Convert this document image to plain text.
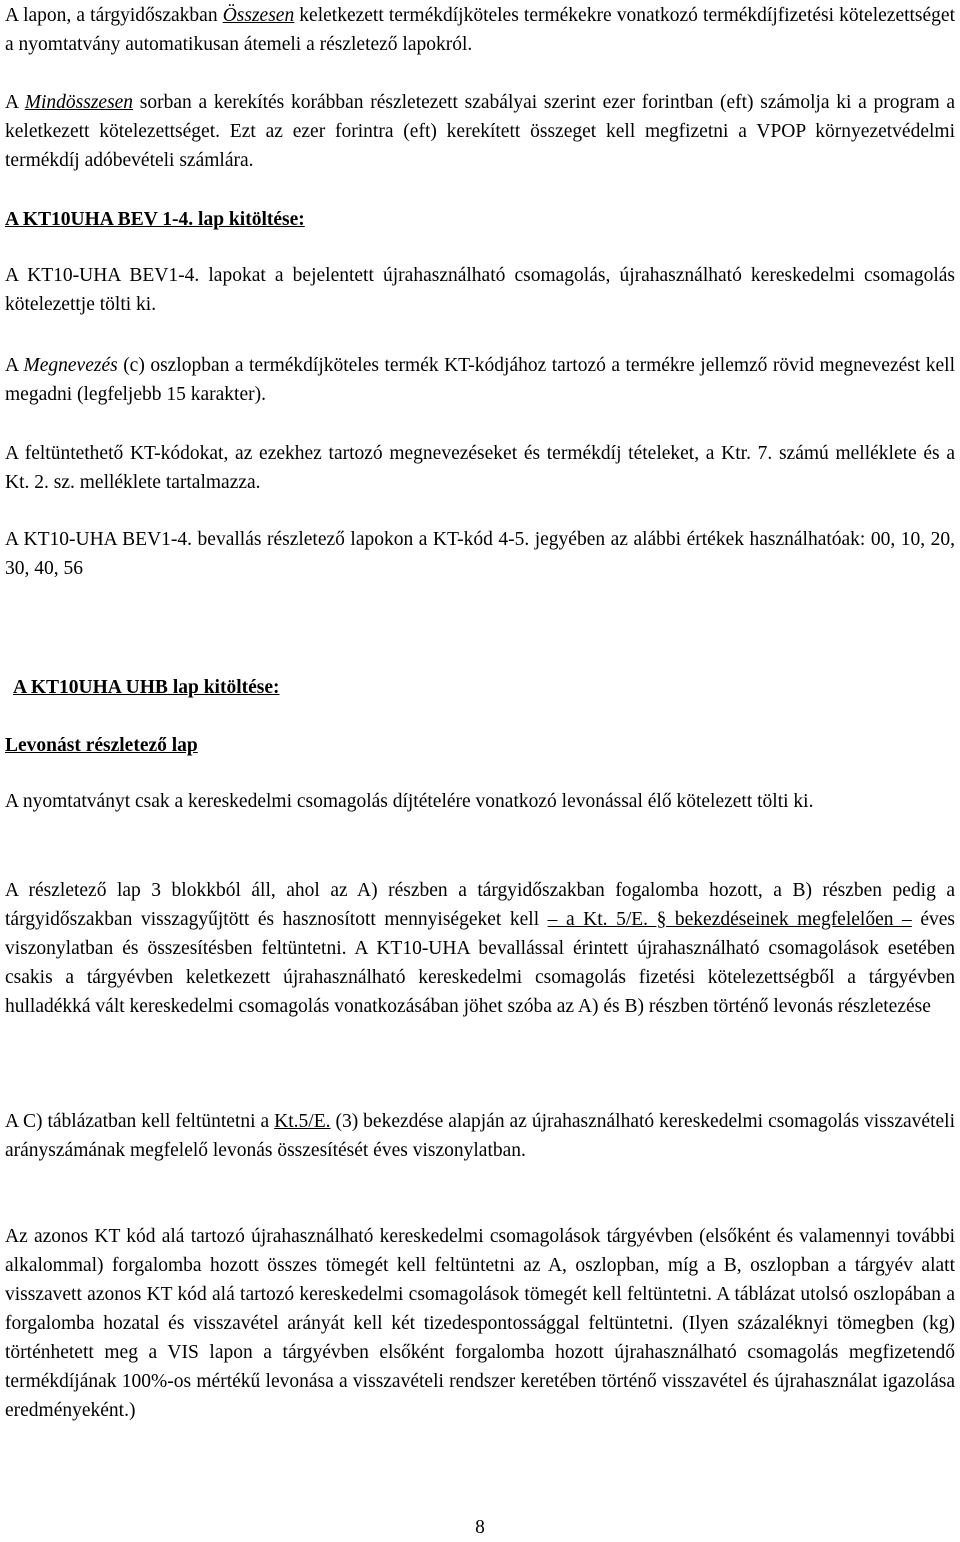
A lapon, a tárgyidőszakban Összesen keletkezett termékdíjköteles termékekre vonatkozó termékdíjfizetési kötelezettséget a nyomtatvány automatikusan átemeli a részletező lapokról.

A Mindösszesen sorban a kerekítés korábban részletezett szabályai szerint ezer forintban (eft) számolja ki a program a keletkezett kötelezettséget. Ezt az ezer forintra (eft) kerekített összeget kell megfizetni a VPOP környezetvédelmi termékdíj adóbevételi számlára.

A KT10UHA BEV 1-4. lap kitöltése:

A KT10-UHA BEV1-4. lapokat a bejelentett újrahasználható csomagolás, újrahasználható kereskedelmi csomagolás kötelezettje tölti ki.

A Megnevezés (c) oszlopban a termékdíjköteles termék KT-kódjához tartozó a termékre jellemző rövid megnevezést kell megadni (legfeljebb 15 karakter).

A feltüntethető KT-kódokat, az ezekhez tartozó megnevezéseket és termékdíj tételeket, a Ktr. 7. számú melléklete és a Kt. 2. sz. melléklete tartalmazza.

A KT10-UHA BEV1-4. bevallás részletező lapokon a KT-kód 4-5. jegyében az alábbi értékek használhatóak: 00, 10, 20, 30, 40, 56

A KT10UHA UHB lap kitöltése:
Levonást részletező lap

A nyomtatványt csak a kereskedelmi csomagolás díjtételére vonatkozó levonással élő kötelezett tölti ki.

A részletező lap 3 blokkból áll, ahol az A) részben a tárgyidőszakban fogalomba hozott, a B) részben pedig a tárgyidőszakban visszagyűjtött és hasznosított mennyiségeket kell – a Kt. 5/E. § bekezdéseinek megfelelően – éves viszonylatban és összesítésben feltüntetni. A KT10-UHA bevallással érintett újrahasználható csomagolások esetében csakis a tárgyévben keletkezett újrahasználható kereskedelmi csomagolás fizetési kötelezettségből a tárgyévben hulladékká vált kereskedelmi csomagolás vonatkozásában jöhet szóba az A) és B) részben történő levonás részletezése

A C) táblázatban kell feltüntetni a Kt.5/E. (3) bekezdése alapján az újrahasználható kereskedelmi csomagolás visszavételi arányszámának megfelelő levonás összesítését éves viszonylatban.

Az azonos KT kód alá tartozó újrahasználható kereskedelmi csomagolások tárgyévben (elsőként és valamennyi további alkalommal) forgalomba hozott összes tömegét kell feltüntetni az A, oszlopban, míg a B, oszlopban a tárgyév alatt visszavett azonos KT kód alá tartozó kereskedelmi csomagolások tömegét kell feltüntetni. A táblázat utolsó oszlopában a forgalomba hozatal és visszavétel arányát kell két tizedespontossággal feltüntetni. (Ilyen százaléknyi tömegben (kg) történhetett meg a VIS lapon a tárgyévben elsőként forgalomba hozott újrahasználható csomagolás megfizetendő termékdíjának 100%-os mértékű levonása a visszavételi rendszer keretében történő visszavétel és újrahasználat igazolása eredményeként.)

8
